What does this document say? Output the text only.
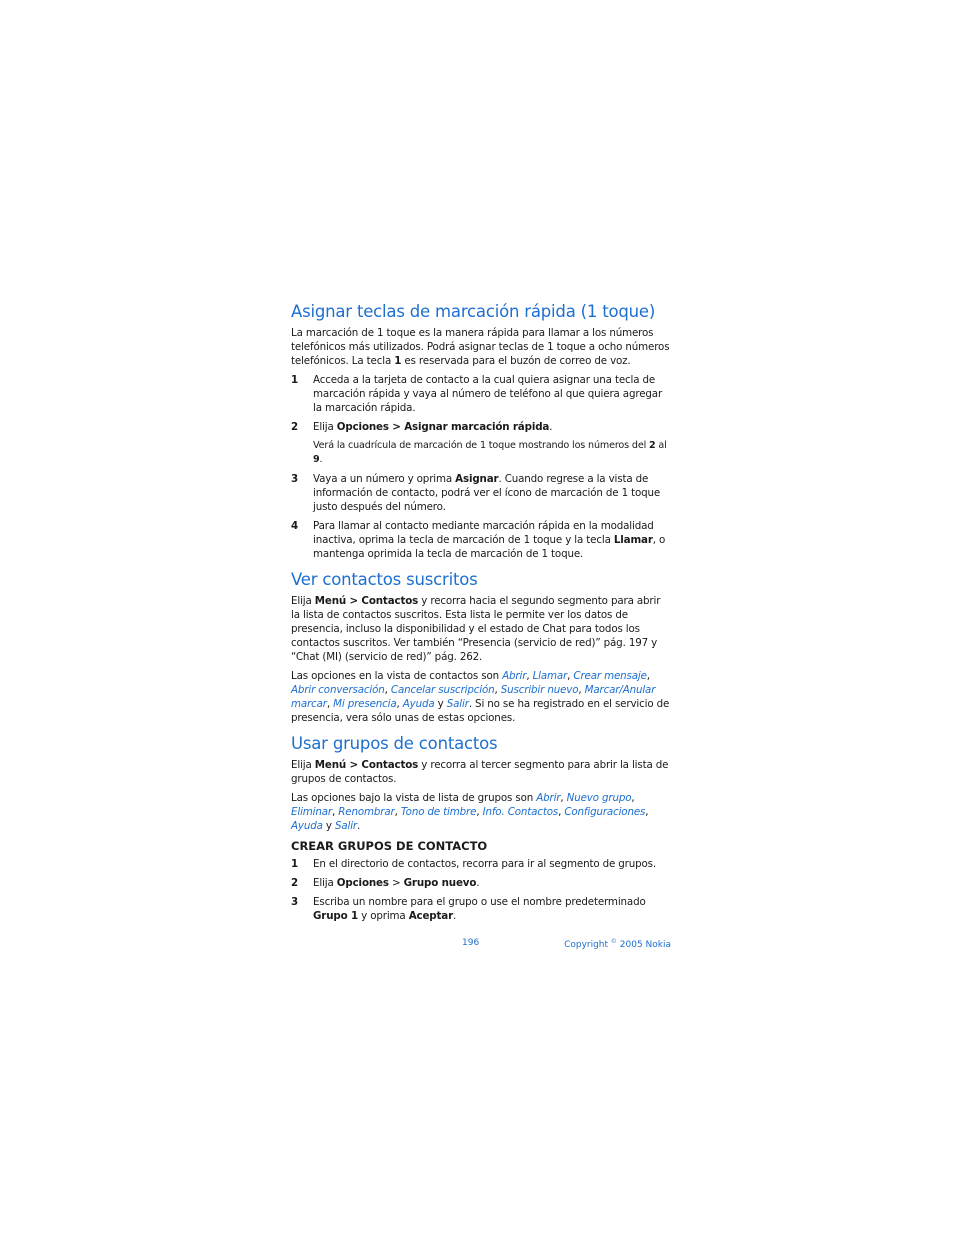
Asignar teclas de marcación rápida (1 toque)

La marcación de 1 toque es la manera rápida para llamar a los números telefónicos más utilizados. Podrá asignar teclas de 1 toque a ocho números telefónicos. La tecla 1 es reservada para el buzón de correo de voz.

1	Acceda a la tarjeta de contacto a la cual quiera asignar una tecla de marcación rápida y vaya al número de teléfono al que quiera agregar la marcación rápida.
2	Elija Opciones > Asignar marcación rápida.
Verá la cuadrícula de marcación de 1 toque mostrando los números del 2 al 9.
3	Vaya a un número y oprima Asignar. Cuando regrese a la vista de información de contacto, podrá ver el ícono de marcación de 1 toque justo después del número.
4	Para llamar al contacto mediante marcación rápida en la modalidad inactiva, oprima la tecla de marcación de 1 toque y la tecla Llamar, o mantenga oprimida la tecla de marcación de 1 toque.
Ver contactos suscritos

Elija Menú > Contactos y recorra hacia el segundo segmento para abrir la lista de contactos suscritos. Esta lista le permite ver los datos de presencia, incluso la disponibilidad y el estado de Chat para todos los contactos suscritos. Ver también “Presencia (servicio de red)” pág. 197 y “Chat (MI) (servicio de red)” pág. 262.

Las opciones en la vista de contactos son Abrir, Llamar, Crear mensaje, Abrir conversación, Cancelar suscripción, Suscribir nuevo, Marcar/Anular marcar, Mi presencia, Ayuda y Salir. Si no se ha registrado en el servicio de presencia, vera sólo unas de estas opciones.

Usar grupos de contactos

Elija Menú > Contactos y recorra al tercer segmento para abrir la lista de grupos de contactos.

Las opciones bajo la vista de lista de grupos son Abrir, Nuevo grupo, Eliminar, Renombrar, Tono de timbre, Info. Contactos, Configuraciones, Ayuda y Salir.

CREAR GRUPOS DE CONTACTO
1	En el directorio de contactos, recorra para ir al segmento de grupos.
2	Elija Opciones > Grupo nuevo.
3	Escriba un nombre para el grupo o use el nombre predeterminado Grupo 1 y oprima Aceptar.
196	Copyright © 2005 Nokia
